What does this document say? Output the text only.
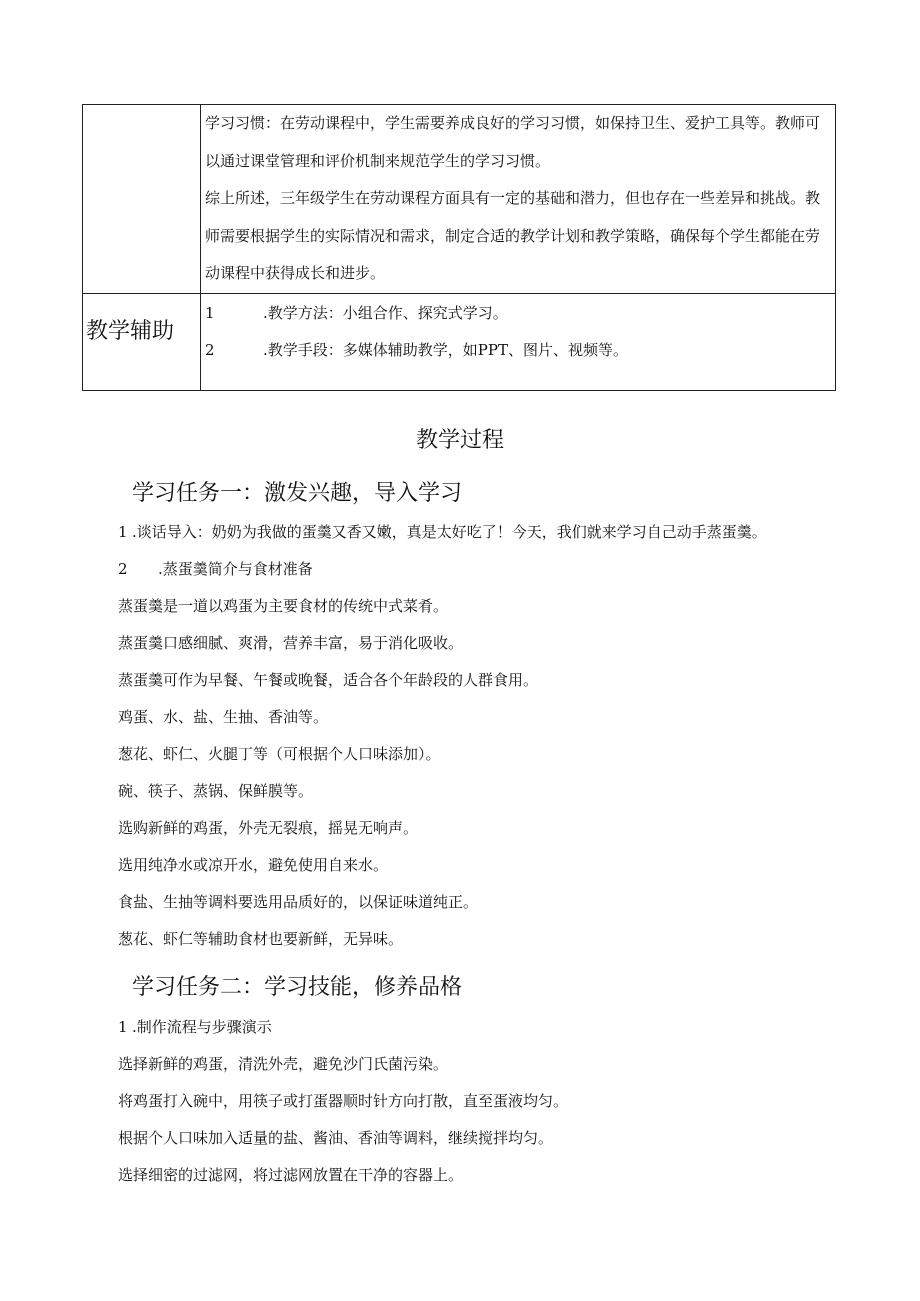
	学习习惯：在劳动课程中，学生需要养成良好的学习习惯，如保持卫生、爱护工具等。教师可以通过课堂管理和评价机制来规范学生的学习习惯。
综上所述，三年级学生在劳动课程方面具有一定的基础和潜力，但也存在一些差异和挑战。教师需要根据学生的实际情况和需求，制定合适的教学计划和教学策略，确保每个学生都能在劳动课程中获得成长和进步。

教学辅助	1 .教学方法：小组合作、探究式学习。
2 .教学手段：多媒体辅助教学，如PPT、图片、视频等。
教学过程
学习任务一：激发兴趣，导入学习
1 .谈话导入：奶奶为我做的蛋羹又香又嫩，真是太好吃了！今天，我们就来学习自己动手蒸蛋羹。
2 .蒸蛋羹简介与食材准备
蒸蛋羹是一道以鸡蛋为主要食材的传统中式菜肴。
蒸蛋羹口感细腻、爽滑，营养丰富，易于消化吸收。
蒸蛋羹可作为早餐、午餐或晚餐，适合各个年龄段的人群食用。
鸡蛋、水、盐、生抽、香油等。
葱花、虾仁、火腿丁等（可根据个人口味添加）。
碗、筷子、蒸锅、保鲜膜等。
选购新鲜的鸡蛋，外壳无裂痕，摇晃无响声。
选用纯净水或凉开水，避免使用自来水。
食盐、生抽等调料要选用品质好的，以保证味道纯正。
葱花、虾仁等辅助食材也要新鲜，无异味。
学习任务二：学习技能，修养品格
1 .制作流程与步骤演示
选择新鲜的鸡蛋，清洗外壳，避免沙门氏菌污染。
将鸡蛋打入碗中，用筷子或打蛋器顺时针方向打散，直至蛋液均匀。
根据个人口味加入适量的盐、酱油、香油等调料，继续搅拌均匀。
选择细密的过滤网，将过滤网放置在干净的容器上。
